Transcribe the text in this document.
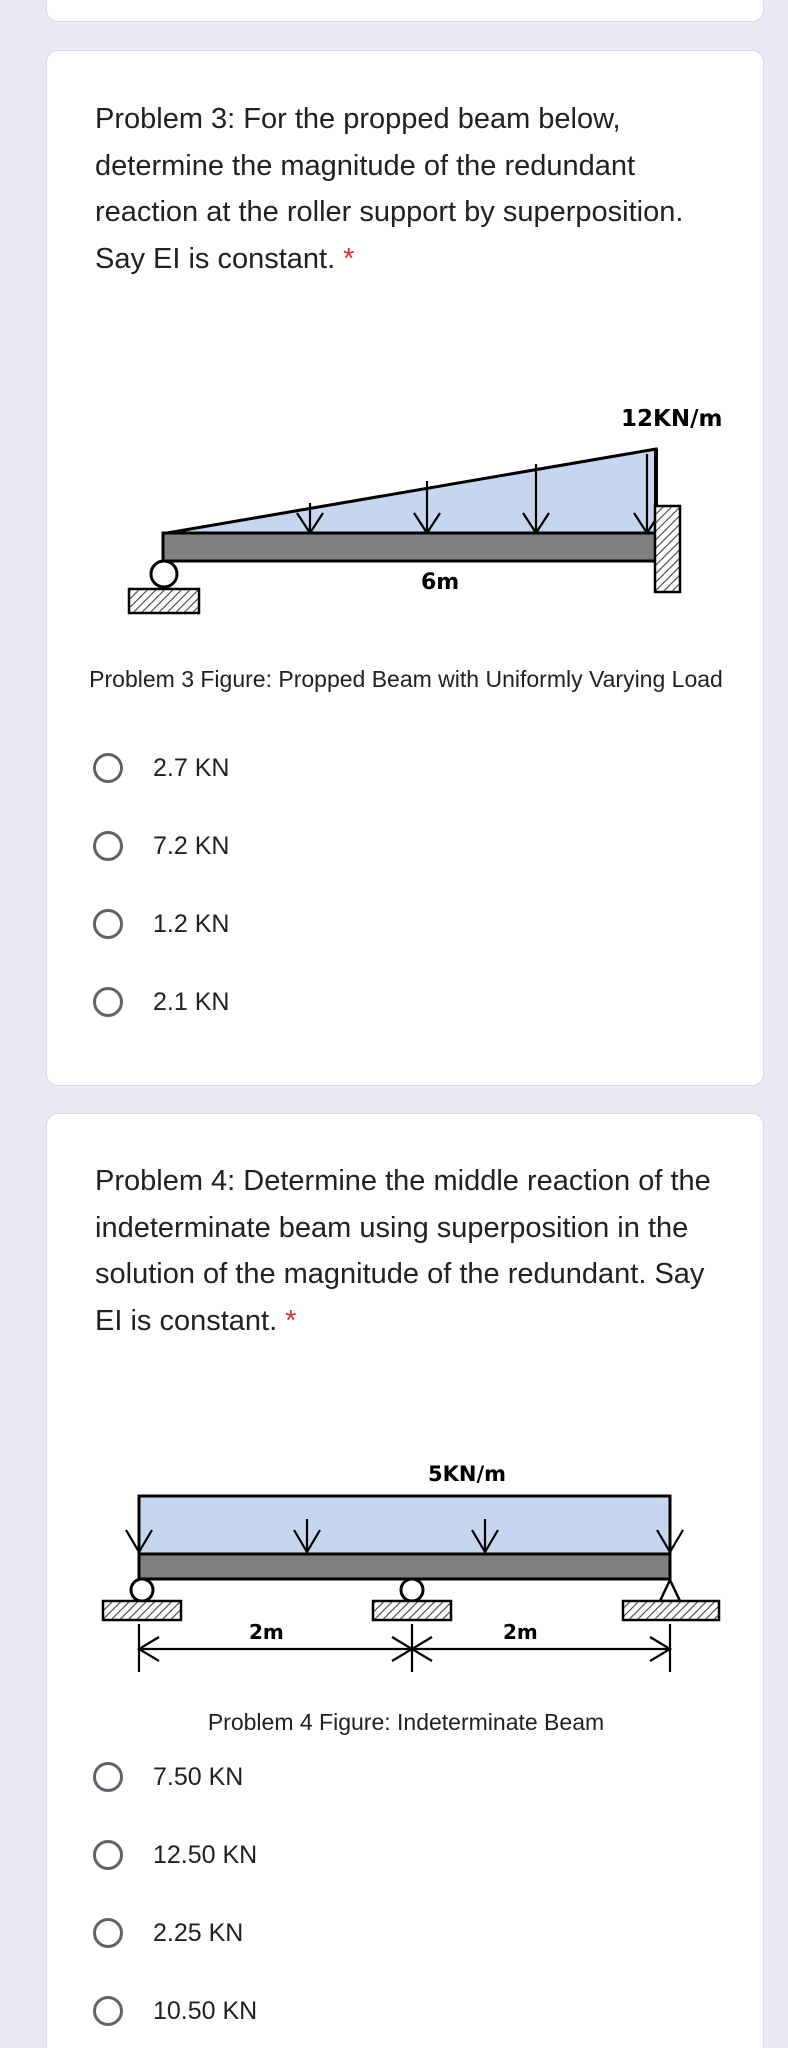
Problem 3: For the propped beam below, determine the magnitude of the redundant reaction at the roller support by superposition. Say EI is constant. *

12KN/m
6m
Problem 3 Figure: Propped Beam with Uniformly Varying Load
2.7 KN
7.2 KN
1.2 KN
2.1 KN

Problem 4: Determine the middle reaction of the indeterminate beam using superposition in the solution of the magnitude of the redundant. Say EI is constant. *

5KN/m
2m	2m
Problem 4 Figure: Indeterminate Beam
7.50 KN
12.50 KN
2.25 KN
10.50 KN
